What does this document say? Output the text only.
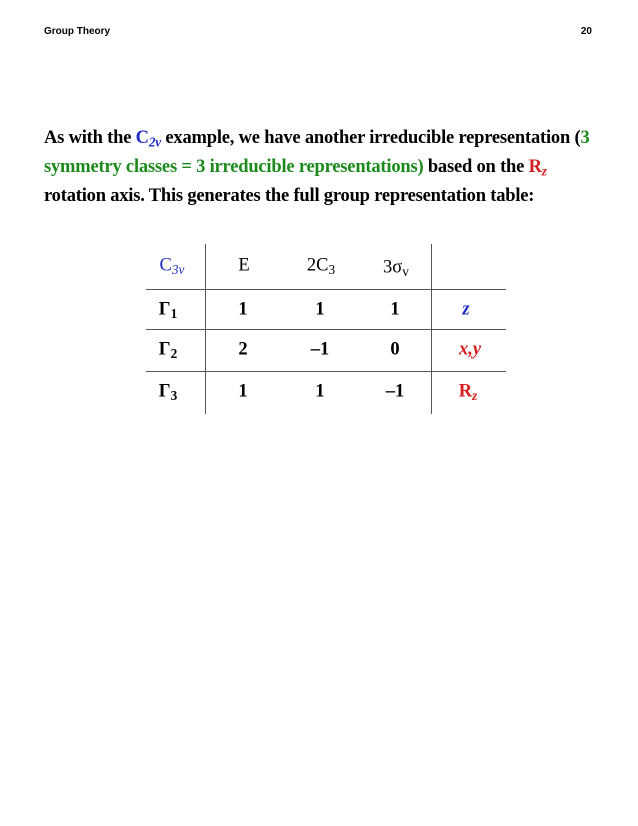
Group Theory	20
As with the $C_{2v}$ example, we have another irreducible representation (3 symmetry classes = 3 irreducible representations) based on the $R_z$ rotation axis. This generates the full group representation table:
$C_{3v}$	E	$2C_3$	$3\sigma_v$
$\Gamma_1$	1	1	1	z
$\Gamma_2$	2	–1	0	x,y
$\Gamma_3$	1	1	–1	$R_z$
